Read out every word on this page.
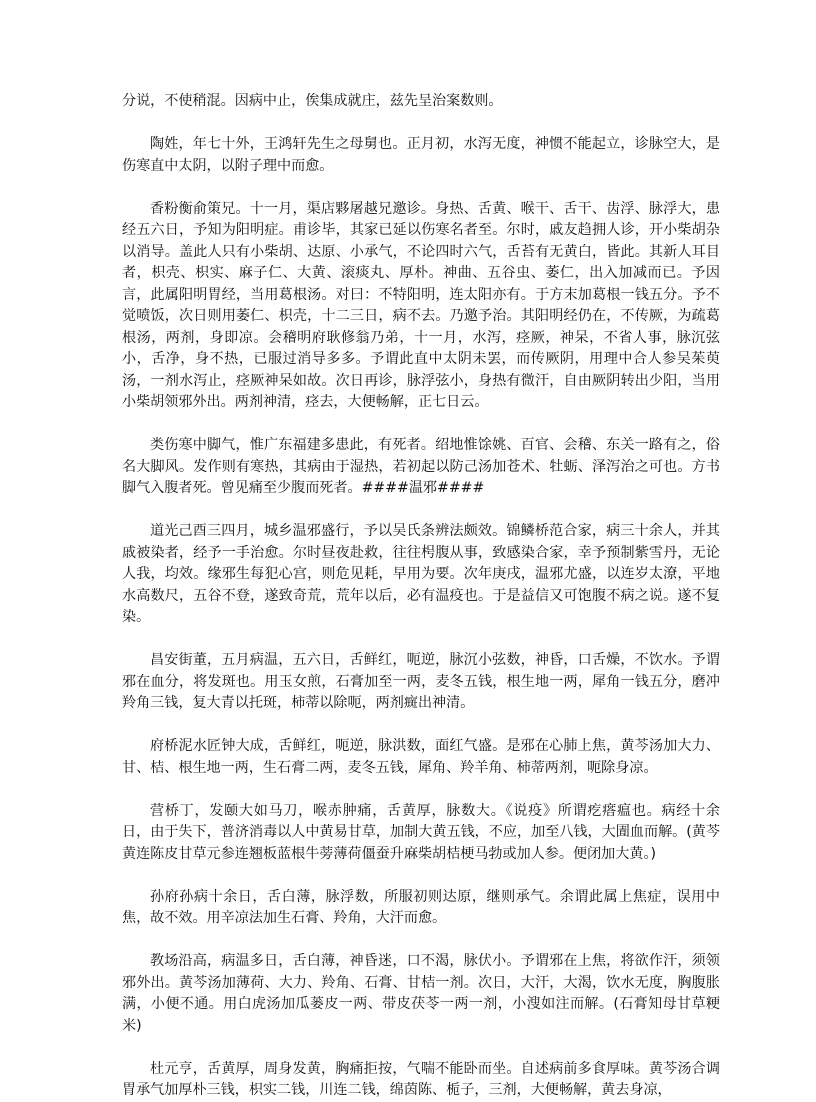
分说，不使稍混。因病中止，俟集成就庄，兹先呈治案数则。

陶姓，年七十外，王鸿轩先生之母舅也。正月初，水泻无度，神惯不能起立，诊脉空大，是伤寒直中太阴，以附子理中而愈。

香粉衡俞策兄。十一月，渠店夥屠越兄邀诊。身热、舌黄、喉干、舌干、齿浮、脉浮大，患经五六日，予知为阳明症。甫诊毕，其家已延以伤寒名者至。尔时，戚友趋拥人诊，开小柴胡杂以消导。盖此人只有小柴胡、达原、小承气，不论四时六气，舌苔有无黄白，皆此。其新人耳目者，枳壳、枳实、麻子仁、大黄、滚痰丸、厚朴。神曲、五谷虫、萎仁，出入加减而已。予因言，此属阳明胃经，当用葛根汤。对曰：不特阳明，连太阳亦有。于方末加葛根一钱五分。予不觉喷饭，次日则用萎仁、枳壳，十二三日，病不去。乃邀予治。其阳明经仍在，不传厥，为疏葛根汤，两剂，身即凉。会稽明府耿修翁乃弟，十一月，水泻，痉厥，神呆，不省人事，脉沉弦小，舌净，身不热，已服过消导多多。予谓此直中太阴未罢，而传厥阴，用理中合人参吴茱萸汤，一剂水泻止，痉厥神呆如故。次日再诊，脉浮弦小，身热有微汗，自由厥阴转出少阳，当用小柴胡领邪外出。两剂神清，痉去，大便畅解，正七日云。

类伤寒中脚气，惟广东福建多患此，有死者。绍地惟馀姚、百官、会稽、东关一路有之，俗名大脚风。发作则有寒热，其病由于湿热，若初起以防己汤加苍术、牡蛎、泽泻治之可也。方书脚气入腹者死。曾见痛至少腹而死者。####温邪####

道光己酉三四月，城乡温邪盛行，予以吴氏条辨法颇效。锦鳞桥范合家，病三十余人，并其戚被染者，经予一手治愈。尔时昼夜赴救，往往枵腹从事，致感染合家，幸予预制紫雪丹，无论人我，均效。缘邪生每犯心宫，则危见耗，早用为要。次年庚戌，温邪尤盛，以连岁太潦，平地水高数尺，五谷不登，遂致奇荒，荒年以后，必有温疫也。于是益信又可饱腹不病之说。遂不复染。

昌安街董，五月病温，五六日，舌鲜红，呃逆，脉沉小弦数，神昏，口舌燥，不饮水。予谓邪在血分，将发斑也。用玉女煎，石膏加至一两，麦冬五钱，根生地一两，犀角一钱五分，磨冲羚角三钱，复大青以托斑，柿蒂以除呃，两剂癍出神清。

府桥泥水匠钟大成，舌鲜红，呃逆，脉洪数，面红气盛。是邪在心肺上焦，黄芩汤加大力、甘、桔、根生地一两，生石膏二两，麦冬五钱，犀角、羚羊角、柿蒂两剂，呃除身凉。

营桥丁，发颐大如马刀，喉赤肿痛，舌黄厚，脉数大。《说疫》所谓疙瘩瘟也。病经十余日，由于失下，普济消毒以人中黄易甘草，加制大黄五钱，不应，加至八钱，大圊血而解。(黄芩黄连陈皮甘草元参连翘板蓝根牛蒡薄荷僵蚕升麻柴胡桔梗马勃或加人参。便闭加大黄。)

孙府孙病十余日，舌白薄，脉浮数，所服初则达原，继则承气。余谓此属上焦症，误用中焦，故不效。用辛凉法加生石膏、羚角，大汗而愈。

教场沿高，病温多日，舌白薄，神昏迷，口不渴，脉伏小。予谓邪在上焦，将欲作汗，须领邪外出。黄芩汤加薄荷、大力、羚角、石膏、甘桔一剂。次日，大汗，大渴，饮水无度，胸腹胀满，小便不通。用白虎汤加瓜蒌皮一两、带皮茯苓一两一剂，小溲如注而解。(石膏知母甘草粳米)

杜元亨，舌黄厚，周身发黄，胸痛拒按，气喘不能卧而坐。自述病前多食厚味。黄芩汤合调胃承气加厚朴三钱，枳实二钱，川连二钱，绵茵陈、栀子，三剂，大便畅解，黄去身凉，
